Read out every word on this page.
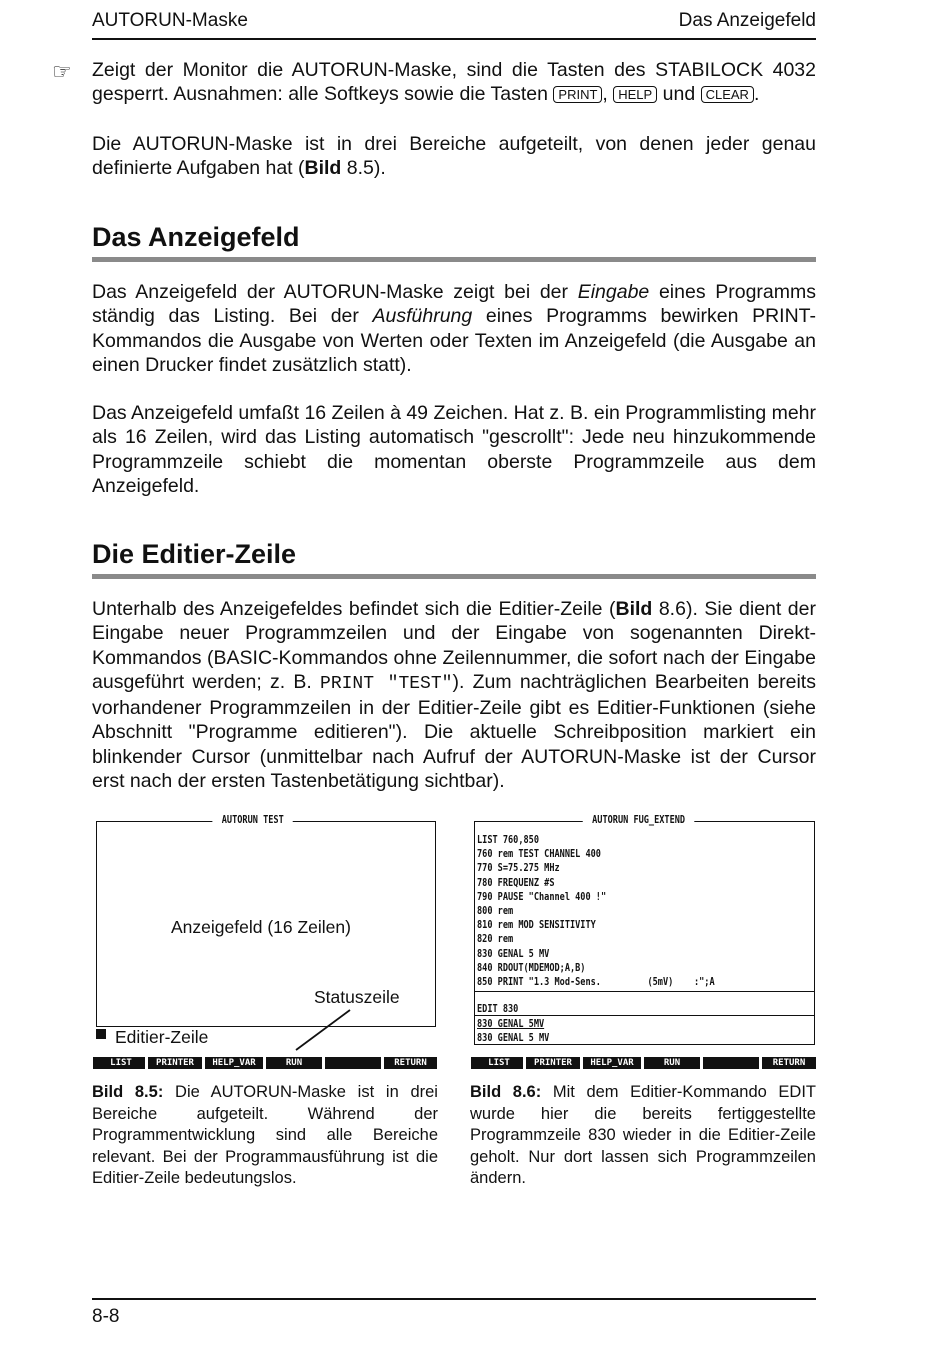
AUTORUN-Maske	Das Anzeigefeld
☞ Zeigt der Monitor die AUTORUN-Maske, sind die Tasten des STABILOCK 4032 gesperrt. Ausnahmen: alle Softkeys sowie die Tasten PRINT , HELP und CLEAR .

Die AUTORUN-Maske ist in drei Bereiche aufgeteilt, von denen jeder genau definierte Aufgaben hat (Bild 8.5).

Das Anzeigefeld

Das Anzeigefeld der AUTORUN-Maske zeigt bei der Eingabe eines Programms ständig das Listing. Bei der Ausführung eines Programms bewirken PRINT-Kommandos die Ausgabe von Werten oder Texten im Anzeigefeld (die Ausgabe an einen Drucker findet zusätzlich statt).

Das Anzeigefeld umfaßt 16 Zeilen à 49 Zeichen. Hat z. B. ein Programmlisting mehr als 16 Zeilen, wird das Listing automatisch "gescrollt": Jede neu hinzukommende Programmzeile schiebt die momentan oberste Programmzeile aus dem Anzeigefeld.

Die Editier-Zeile

Unterhalb des Anzeigefeldes befindet sich die Editier-Zeile (Bild 8.6). Sie dient der Eingabe neuer Programmzeilen und der Eingabe von sogenannten Direkt-Kommandos (BASIC-Kommandos ohne Zeilennummer, die sofort nach der Eingabe ausgeführt werden; z. B. PRINT "TEST"). Zum nachträglichen Bearbeiten bereits vorhandener Programmzeilen in der Editier-Zeile gibt es Editier-Funktionen (siehe Abschnitt "Programme editieren"). Die aktuelle Schreibposition markiert ein blinkender Cursor (unmittelbar nach Aufruf der AUTORUN-Maske ist der Cursor erst nach der ersten Tastenbetätigung sichtbar).

AUTORUN TEST
Anzeigefeld (16 Zeilen)
Statuszeile
Editier-Zeile
LIST	PRINTER	HELP_VAR	RUN	RETURN

Bild 8.5: Die AUTORUN-Maske ist in drei Bereiche aufgeteilt. Während der Programmentwicklung sind alle Bereiche relevant. Bei der Programmausführung ist die Editier-Zeile bedeutungslos.

AUTORUN FUG_EXTEND
LIST 760,850
760 rem TEST CHANNEL 400
770 S=75.275 MHz
780 FREQUENZ #S
790 PAUSE "Channel 400 !"
800 rem
810 rem MOD SENSITIVITY
820 rem
830 GENAL 5 MV
840 RDOUT(MDEMOD;A,B)
850 PRINT "1.3 Mod-Sens.         (5mV)    :";A
EDIT 830
830 GENAL 5MV
830 GENAL 5 MV
LIST	PRINTER	HELP_VAR	RUN	RETURN

Bild 8.6: Mit dem Editier-Kommando EDIT wurde hier die bereits fertiggestellte Programmzeile 830 wieder in die Editier-Zeile geholt. Nur dort lassen sich Programmzeilen ändern.

8-8
